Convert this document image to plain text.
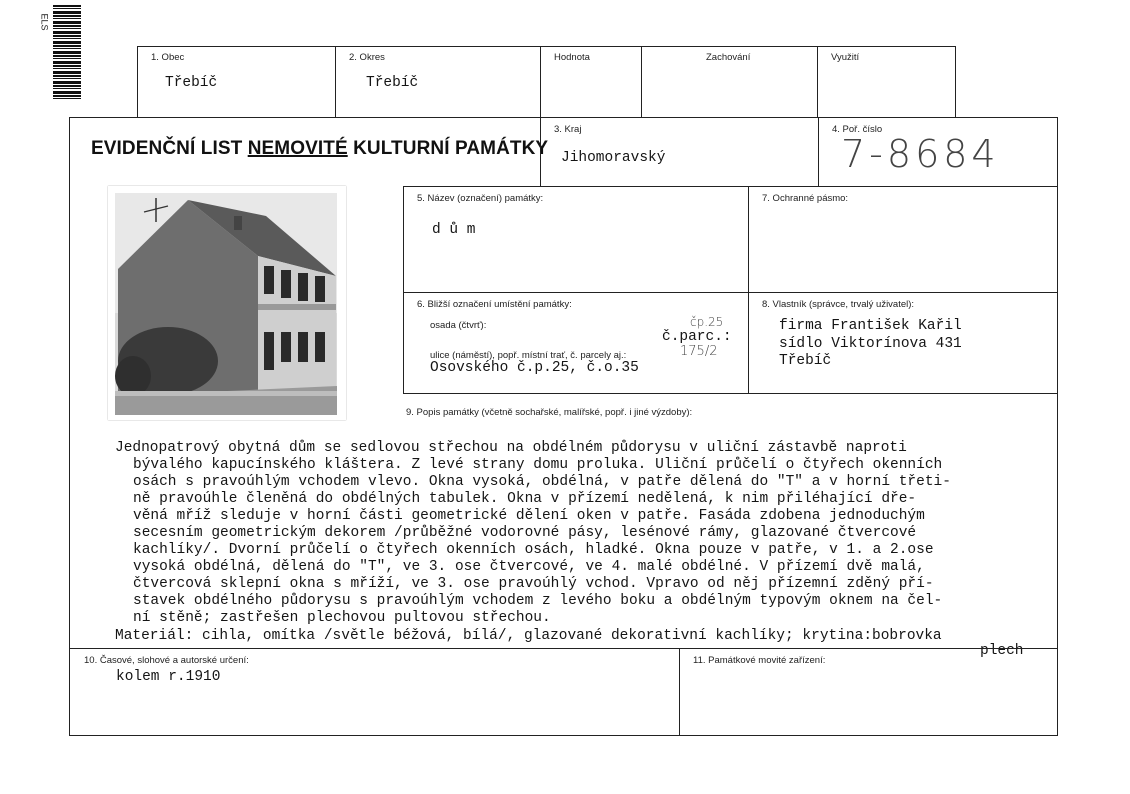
ELS
1. Obec
Třebíč
2. Okres
Třebíč
Hodnota	Zachování	Využití
EVIDENČNÍ LIST NEMOVITÉ KULTURNÍ PAMÁTKY
3. Kraj
Jihomoravský
4. Poř. číslo
7-8684
5. Název (označení) památky:
d ů m
7. Ochranné pásmo:
6. Bližší označení umístění památky:
osada (čtvrť):	čp.25
č.parc.:
175/2
ulice (náměstí), popř. místní trať, č. parcely aj.:
Osovského č.p.25, č.o.35
8. Vlastník (správce, trvalý uživatel):
firma František Kařil
sídlo Viktorínova 431
Třebíč
9. Popis památky (včetně sochařské, malířské, popř. i jiné výzdoby):
Jednopatrový obytná dům se sedlovou střechou na obdélném půdorysu v uliční zástavbě naproti
bývalého kapucínského kláštera. Z levé strany domu proluka. Uliční průčelí o čtyřech okenních
osách s pravoúhlým vchodem vlevo. Okna vysoká, obdélná, v patře dělená do "T" a v horní třeti-
ně pravoúhle členěná do obdélných tabulek. Okna v přízemí nedělená, k nim přiléhající dře-
věná mříž sleduje v horní části geometrické dělení oken v patře. Fasáda zdobena jednoduchým
secesním geometrickým dekorem /průběžné vodorovné pásy, lesénové rámy, glazované čtvercové
kachlíky/. Dvorní průčelí o čtyřech okenních osách, hladké. Okna pouze v patře, v 1. a 2.ose
vysoká obdélná, dělená do "T", ve 3. ose čtvercové, ve 4. malé obdélné. V přízemí dvě malá,
čtvercová sklepní okna s mříží, ve 3. ose pravoúhlý vchod. Vpravo od něj přízemní zděný pří-
stavek obdélného půdorysu s pravoúhlým vchodem z levého boku a obdélným typovým oknem na čel-
ní stěně; zastřešen plechovou pultovou střechou.
Materiál: cihla, omítka /světle béžová, bílá/, glazované dekorativní kachlíky; krytina:bobrovka
plech
10. Časové, slohové a autorské určení:
kolem r.1910
11. Památkové movité zařízení:
